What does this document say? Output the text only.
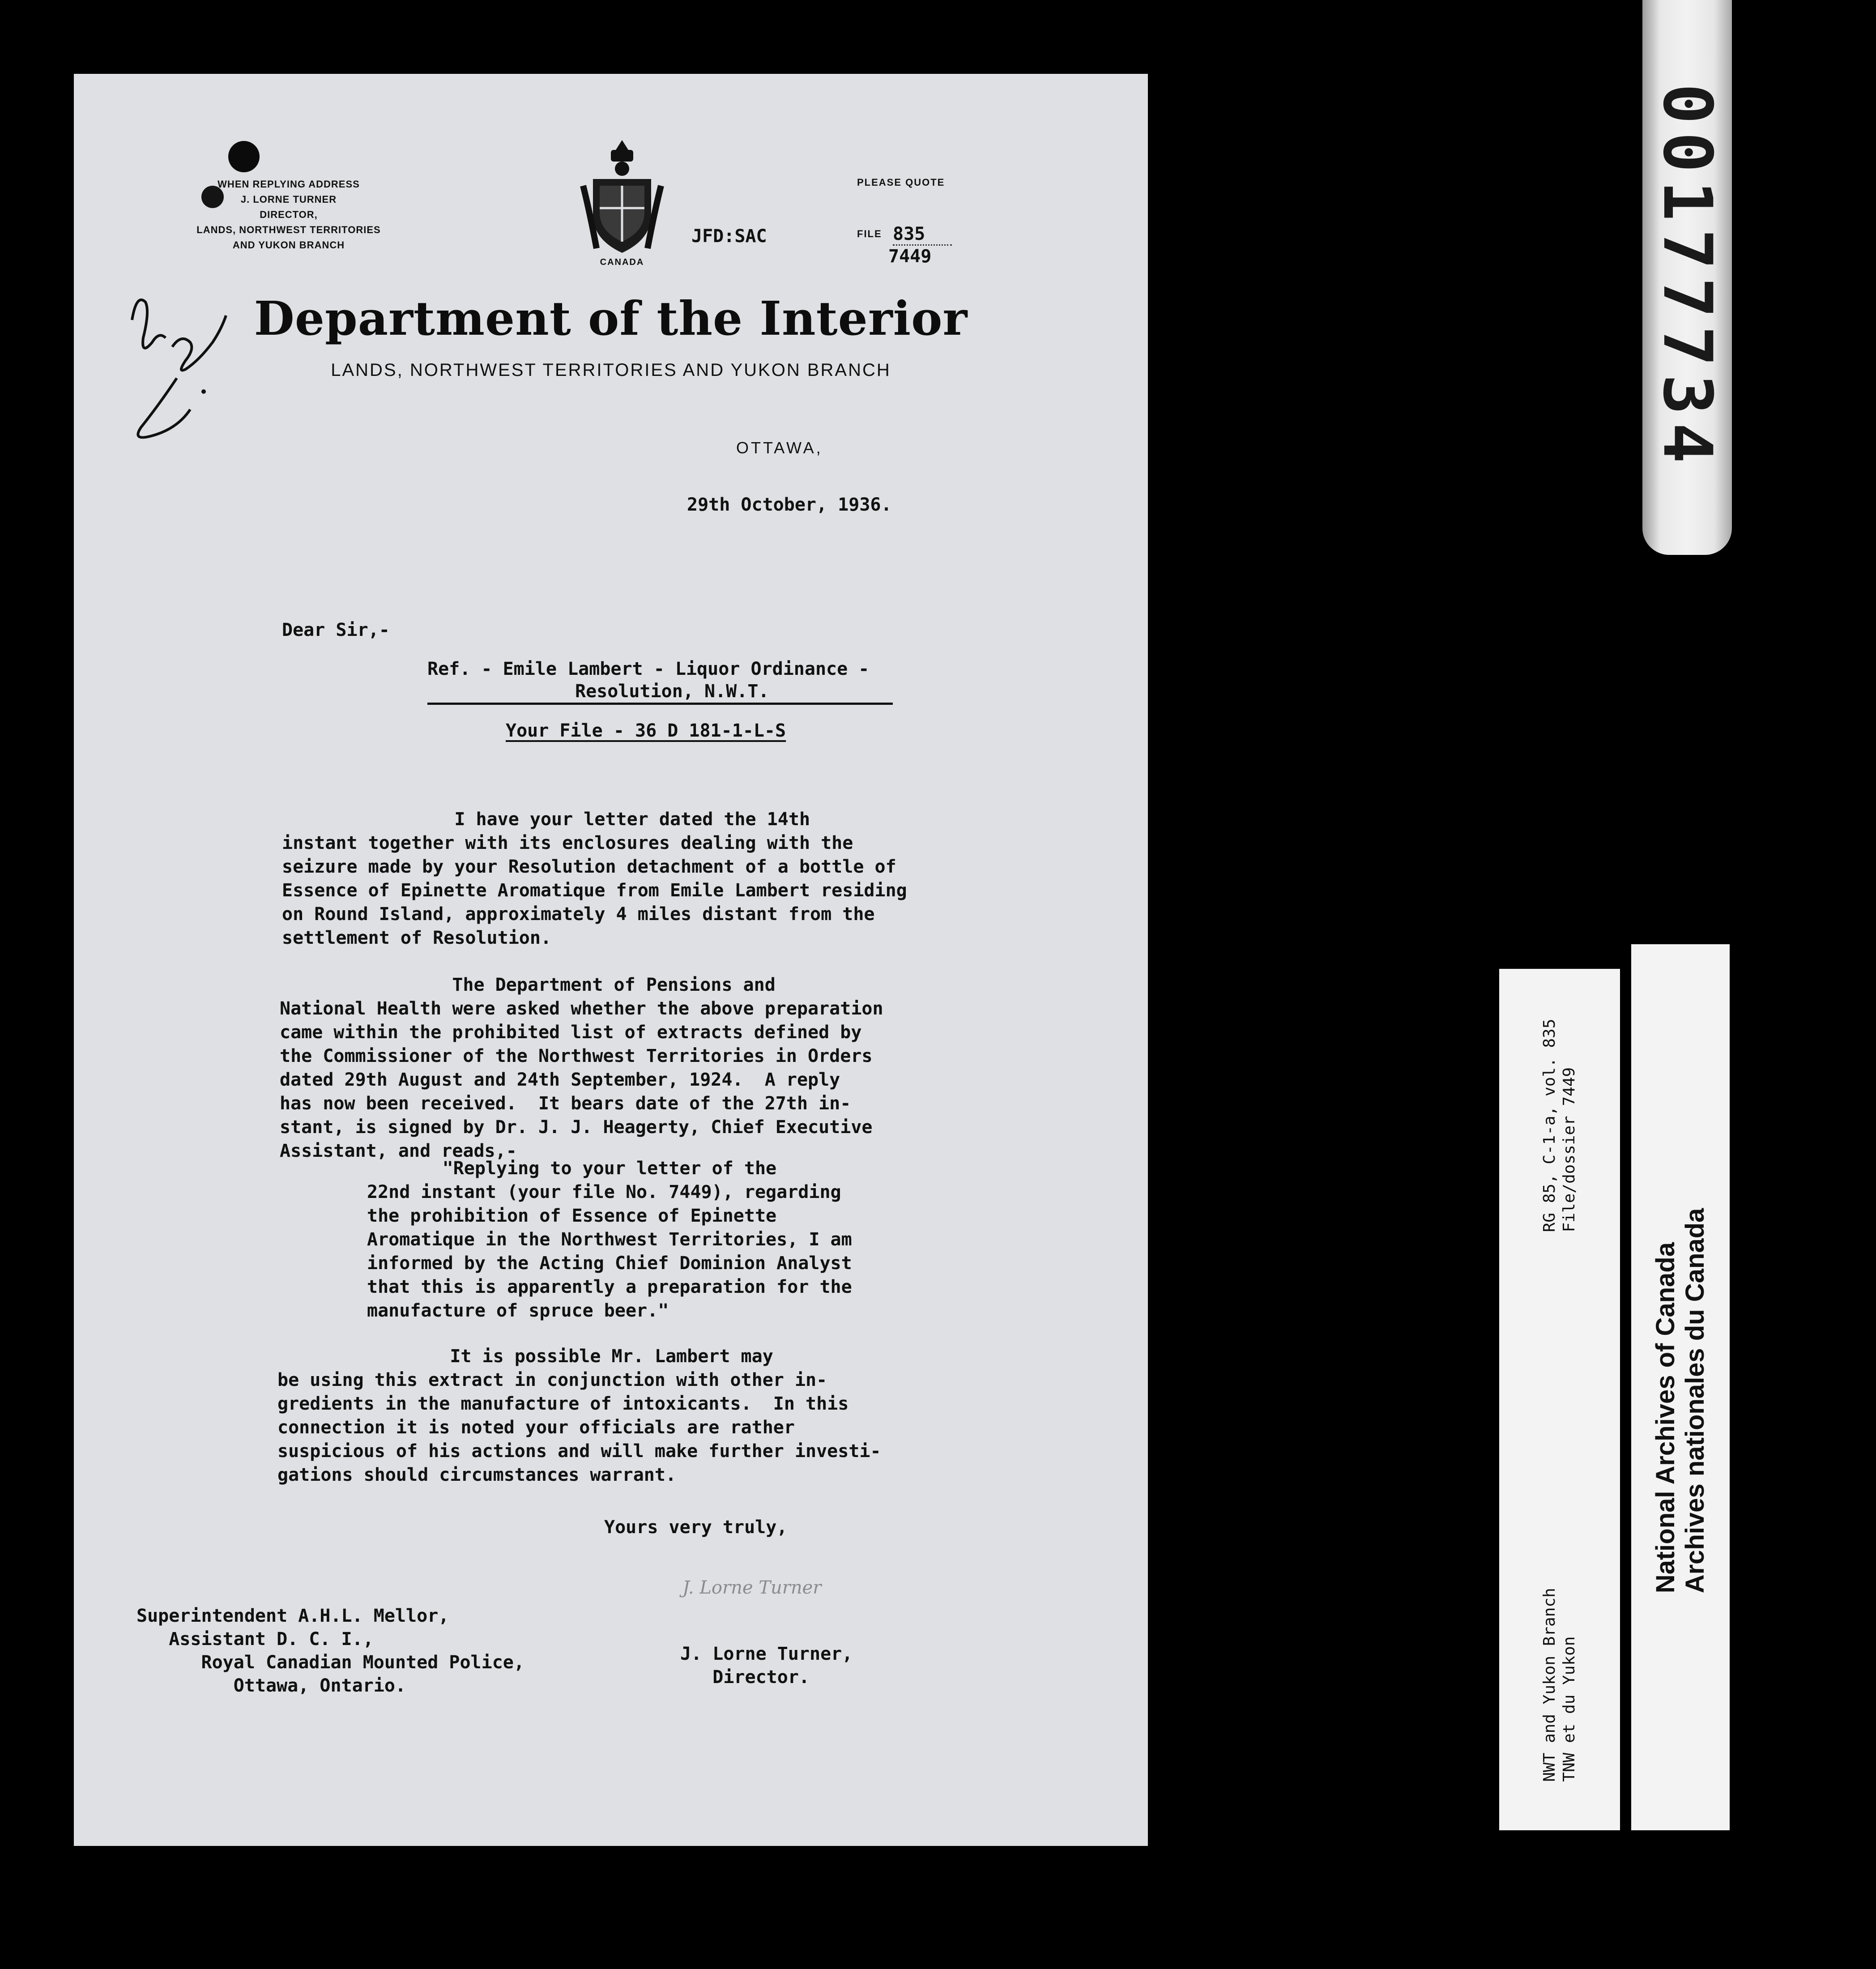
WHEN REPLYING ADDRESS
J. LORNE TURNER
DIRECTOR,
LANDS, NORTHWEST TERRITORIES
AND YUKON BRANCH
CANADA
PLEASE QUOTE
JFD:SAC	FILE 835
7449
Department of the Interior
LANDS, NORTHWEST TERRITORIES AND YUKON BRANCH
OTTAWA,
29th October, 1936.
Dear Sir,-
Ref. - Emile Lambert - Liquor Ordinance -
Resolution, N.W.T.
Your File - 36 D 181-1-L-S
I have your letter dated the 14th
instant together with its enclosures dealing with the
seizure made by your Resolution detachment of a bottle of
Essence of Epinette Aromatique from Emile Lambert residing
on Round Island, approximately 4 miles distant from the
settlement of Resolution.
The Department of Pensions and
National Health were asked whether the above preparation
came within the prohibited list of extracts defined by
the Commissioner of the Northwest Territories in Orders
dated 29th August and 24th September, 1924.  A reply
has now been received.  It bears date of the 27th in-
stant, is signed by Dr. J. J. Heagerty, Chief Executive
Assistant, and reads,-
"Replying to your letter of the
22nd instant (your file No. 7449), regarding
the prohibition of Essence of Epinette
Aromatique in the Northwest Territories, I am
informed by the Acting Chief Dominion Analyst
that this is apparently a preparation for the
manufacture of spruce beer."
It is possible Mr. Lambert may
be using this extract in conjunction with other in-
gredients in the manufacture of intoxicants.  In this
connection it is noted your officials are rather
suspicious of his actions and will make further investi-
gations should circumstances warrant.
Yours very truly,
J. Lorne Turner
Superintendent A.H.L. Mellor,
Assistant D. C. I.,
Royal Canadian Mounted Police,
Ottawa, Ontario.
J. Lorne Turner,
Director.
00177734
RG 85, C-1-a, vol. 835 File/dossier 7449
NWT and Yukon Branch TNW et du Yukon
National Archives of Canada Archives nationales du Canada
